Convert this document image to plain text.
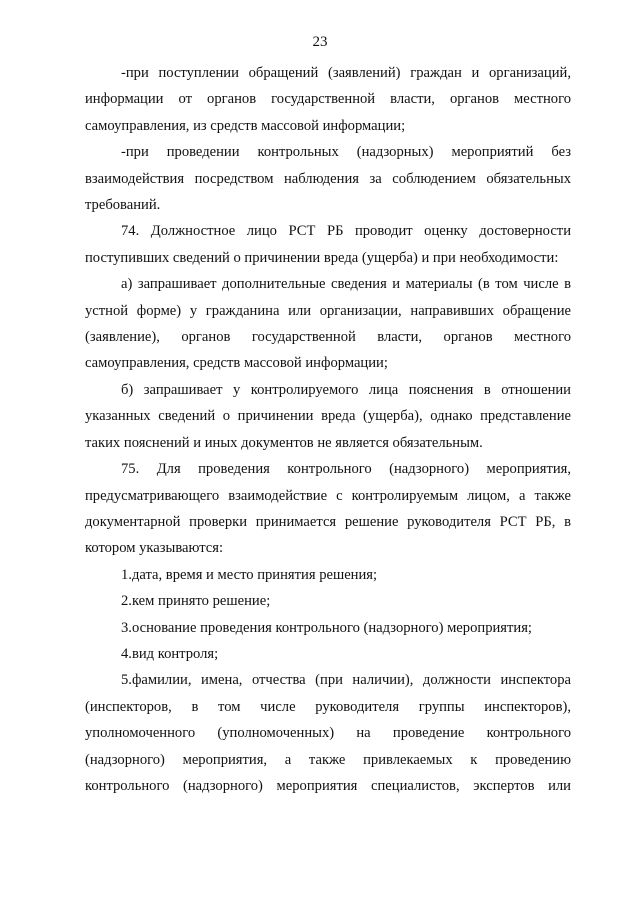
23

-при поступлении обращений (заявлений) граждан и организаций, информации от органов государственной власти, органов местного самоуправления, из средств массовой информации;

-при проведении контрольных (надзорных) мероприятий без взаимодействия посредством наблюдения за соблюдением обязательных требований.

74. Должностное лицо РСТ РБ проводит оценку достоверности поступивших сведений о причинении вреда (ущерба) и при необходимости:

а) запрашивает дополнительные сведения и материалы (в том числе в устной форме) у гражданина или организации, направивших обращение (заявление), органов государственной власти, органов местного самоуправления, средств массовой информации;

б) запрашивает у контролируемого лица пояснения в отношении указанных сведений о причинении вреда (ущерба), однако представление таких пояснений и иных документов не является обязательным.

75. Для проведения контрольного (надзорного) мероприятия, предусматривающего взаимодействие с контролируемым лицом, а также документарной проверки принимается решение руководителя РСТ РБ, в котором указываются:

1.дата, время и место принятия решения;

2.кем принято решение;

3.основание проведения контрольного (надзорного) мероприятия;

4.вид контроля;

5.фамилии, имена, отчества (при наличии), должности инспектора (инспекторов, в том числе руководителя группы инспекторов), уполномоченного (уполномоченных) на проведение контрольного (надзорного) мероприятия, а также привлекаемых к проведению контрольного (надзорного) мероприятия специалистов, экспертов или
